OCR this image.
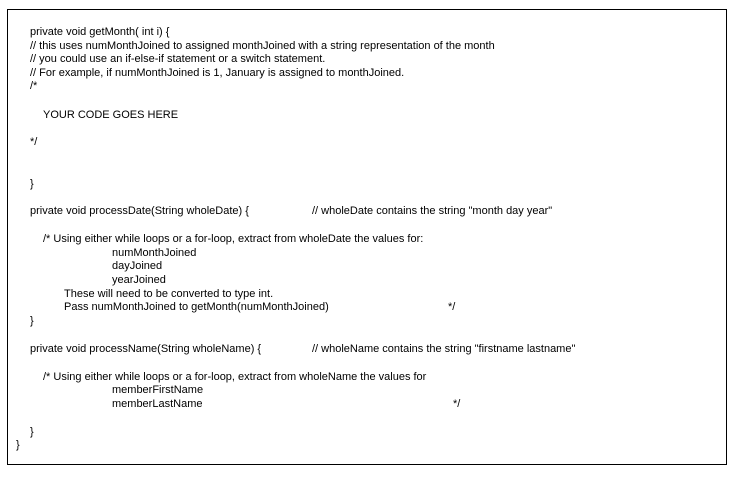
private void getMonth( int i) {
// this uses numMonthJoined to assigned monthJoined with a string representation of the month
// you could use an if-else-if statement or a switch statement.
// For example, if numMonthJoined is 1, January is assigned to monthJoined.
/*
YOUR CODE GOES HERE
*/
}
private void processDate(String wholeDate) {	// wholeDate contains the string "month day year"
/* Using either while loops or a for-loop, extract from wholeDate the values for:
numMonthJoined
dayJoined
yearJoined
These will need to be converted to type int.
Pass numMonthJoined to getMonth(numMonthJoined)	*/
}
private void processName(String wholeName) {	// wholeName contains the string "firstname lastname"
/* Using either while loops or a for-loop, extract from wholeName the values for
memberFirstName
memberLastName	*/
}
}
